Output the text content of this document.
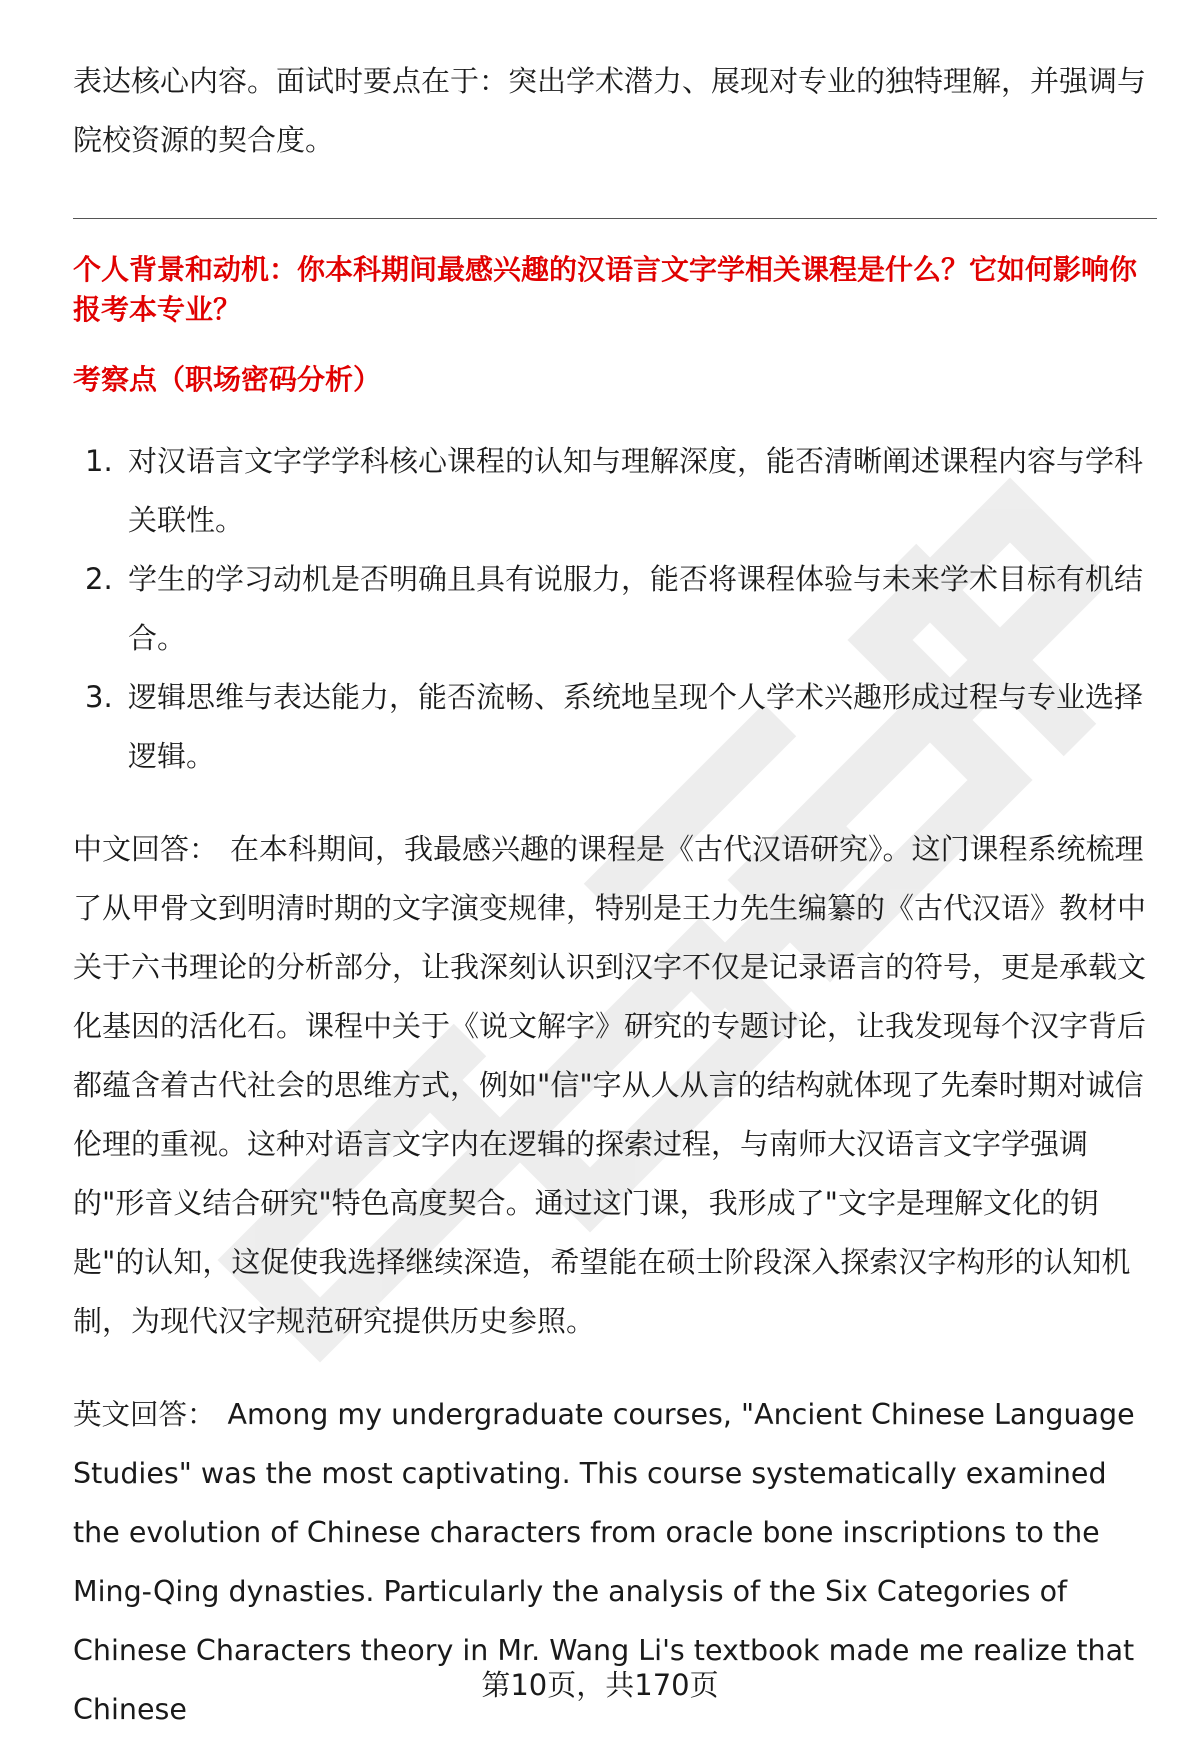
表达核心内容。面试时要点在于：突出学术潜力、展现对专业的独特理解，并强调与院校资源的契合度。

个人背景和动机：你本科期间最感兴趣的汉语言文字学相关课程是什么？它如何影响你报考本专业？
考察点（职场密码分析）
1. 对汉语言文字学学科核心课程的认知与理解深度，能否清晰阐述课程内容与学科关联性。
2. 学生的学习动机是否明确且具有说服力，能否将课程体验与未来学术目标有机结合。
3. 逻辑思维与表达能力，能否流畅、系统地呈现个人学术兴趣形成过程与专业选择逻辑。

中文回答： 在本科期间，我最感兴趣的课程是《古代汉语研究》。这门课程系统梳理了从甲骨文到明清时期的文字演变规律，特别是王力先生编纂的《古代汉语》教材中关于六书理论的分析部分，让我深刻认识到汉字不仅是记录语言的符号，更是承载文化基因的活化石。课程中关于《说文解字》研究的专题讨论，让我发现每个汉字背后都蕴含着古代社会的思维方式，例如"信"字从人从言的结构就体现了先秦时期对诚信伦理的重视。这种对语言文字内在逻辑的探索过程，与南师大汉语言文字学强调的"形音义结合研究"特色高度契合。通过这门课，我形成了"文字是理解文化的钥匙"的认知，这促使我选择继续深造，希望能在硕士阶段深入探索汉字构形的认知机制，为现代汉字规范研究提供历史参照。

英文回答： Among my undergraduate courses, "Ancient Chinese Language Studies" was the most captivating. This course systematically examined the evolution of Chinese characters from oracle bone inscriptions to the Ming-Qing dynasties. Particularly the analysis of the Six Categories of Chinese Characters theory in Mr. Wang Li's textbook made me realize that Chinese

第10页，共170页
